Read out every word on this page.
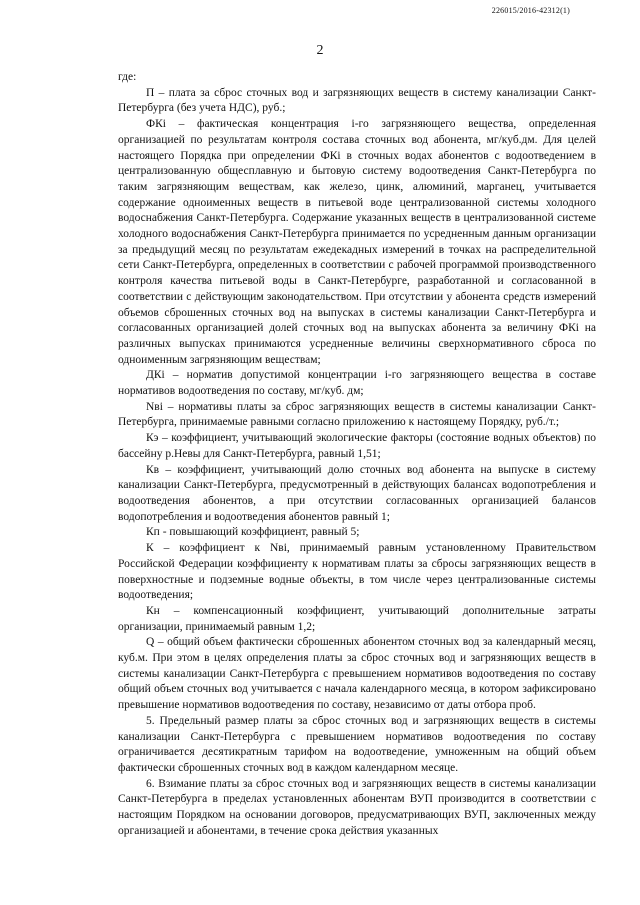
226015/2016-42312(1)
2

где:

П – плата за сброс сточных вод и загрязняющих веществ в систему канализации Санкт-Петербурга (без учета НДС), руб.;

ФКi – фактическая концентрация i-го загрязняющего вещества, определенная организацией по результатам контроля состава сточных вод абонента, мг/куб.дм. Для целей настоящего Порядка при определении ФКi в сточных водах абонентов с водоотведением в централизованную общесплавную и бытовую систему водоотведения Санкт-Петербурга по таким загрязняющим веществам, как железо, цинк, алюминий, марганец, учитывается содержание одноименных веществ в питьевой воде централизованной системы холодного водоснабжения Санкт-Петербурга. Содержание указанных веществ в централизованной системе холодного водоснабжения Санкт-Петербурга принимается по усредненным данным организации за предыдущий месяц по результатам ежедекадных измерений в точках на распределительной сети Санкт-Петербурга, определенных в соответствии с рабочей программой производственного контроля качества питьевой воды в Санкт-Петербурге, разработанной и согласованной в соответствии с действующим законодательством. При отсутствии у абонента средств измерений объемов сброшенных сточных вод на выпусках в системы канализации Санкт-Петербурга и согласованных организацией долей сточных вод на выпусках абонента за величину ФКi на различных выпусках принимаются усредненные величины сверхнормативного сброса по одноименным загрязняющим веществам;

ДКi – норматив допустимой концентрации i-го загрязняющего вещества в составе нормативов водоотведения по составу, мг/куб. дм;

Nві – нормативы платы за сброс загрязняющих веществ в системы канализации Санкт-Петербурга, принимаемые равными согласно приложению к настоящему Порядку, руб./т.;

Кэ – коэффициент, учитывающий экологические факторы (состояние водных объектов) по бассейну р.Невы для Санкт-Петербурга, равный 1,51;

Кв – коэффициент, учитывающий долю сточных вод абонента на выпуске в систему канализации Санкт-Петербурга, предусмотренный в действующих балансах водопотребления и водоотведения абонентов, а при отсутствии согласованных организацией балансов водопотребления и водоотведения абонентов равный 1;

Кп - повышающий коэффициент, равный 5;

К – коэффициент к Nві, принимаемый равным установленному Правительством Российской Федерации коэффициенту к нормативам платы за сбросы загрязняющих веществ в поверхностные и подземные водные объекты, в том числе через централизованные системы водоотведения;

Кн – компенсационный коэффициент, учитывающий дополнительные затраты организации, принимаемый равным 1,2;

Q – общий объем фактически сброшенных абонентом сточных вод за календарный месяц, куб.м. При этом в целях определения платы за сброс сточных вод и загрязняющих веществ в системы канализации Санкт-Петербурга с превышением нормативов водоотведения по составу общий объем сточных вод учитывается с начала календарного месяца, в котором зафиксировано превышение нормативов водоотведения по составу, независимо от даты отбора проб.

5. Предельный размер платы за сброс сточных вод и загрязняющих веществ в системы канализации Санкт-Петербурга с превышением нормативов водоотведения по составу ограничивается десятикратным тарифом на водоотведение, умноженным на общий объем фактически сброшенных сточных вод в каждом календарном месяце.

6. Взимание платы за сброс сточных вод и загрязняющих веществ в системы канализации Санкт-Петербурга в пределах установленных абонентам ВУП производится в соответствии с настоящим Порядком на основании договоров, предусматривающих ВУП, заключенных между организацией и абонентами, в течение срока действия указанных
